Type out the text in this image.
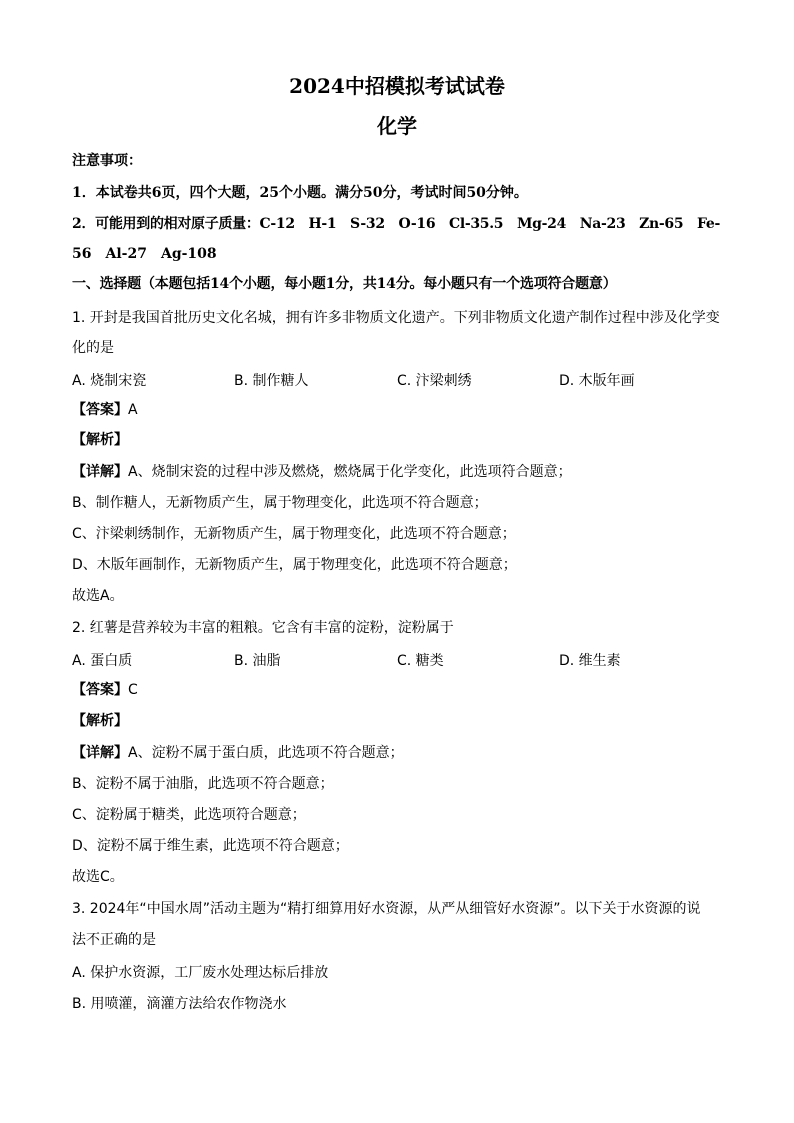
2024中招模拟考试试卷
化学
注意事项：
1．本试卷共6页，四个大题，25个小题。满分50分，考试时间50分钟。
2．可能用到的相对原子质量：C-12　H-1　S-32　O-16　Cl-35.5　Mg-24　Na-23　Zn-65　Fe-
56　Al-27　Ag-108
一、选择题（本题包括14个小题，每小题1分，共14分。每小题只有一个选项符合题意）
1. 开封是我国首批历史文化名城，拥有许多非物质文化遗产。下列非物质文化遗产制作过程中涉及化学变
化的是
A. 烧制宋瓷	B. 制作糖人	C. 汴梁刺绣	D. 木版年画
【答案】A
【解析】
【详解】A、烧制宋瓷的过程中涉及燃烧，燃烧属于化学变化，此选项符合题意；
B、制作糖人，无新物质产生，属于物理变化，此选项不符合题意；
C、汴梁刺绣制作，无新物质产生，属于物理变化，此选项不符合题意；
D、木版年画制作，无新物质产生，属于物理变化，此选项不符合题意；
故选A。
2. 红薯是营养较为丰富的粗粮。它含有丰富的淀粉，淀粉属于
A. 蛋白质	B. 油脂	C. 糖类	D. 维生素
【答案】C
【解析】
【详解】A、淀粉不属于蛋白质，此选项不符合题意；
B、淀粉不属于油脂，此选项不符合题意；
C、淀粉属于糖类，此选项符合题意；
D、淀粉不属于维生素，此选项不符合题意；
故选C。
3. 2024年“中国水周”活动主题为“精打细算用好水资源，从严从细管好水资源”。以下关于水资源的说
法不正确的是
A. 保护水资源，工厂废水处理达标后排放
B. 用喷灌，滴灌方法给农作物浇水
